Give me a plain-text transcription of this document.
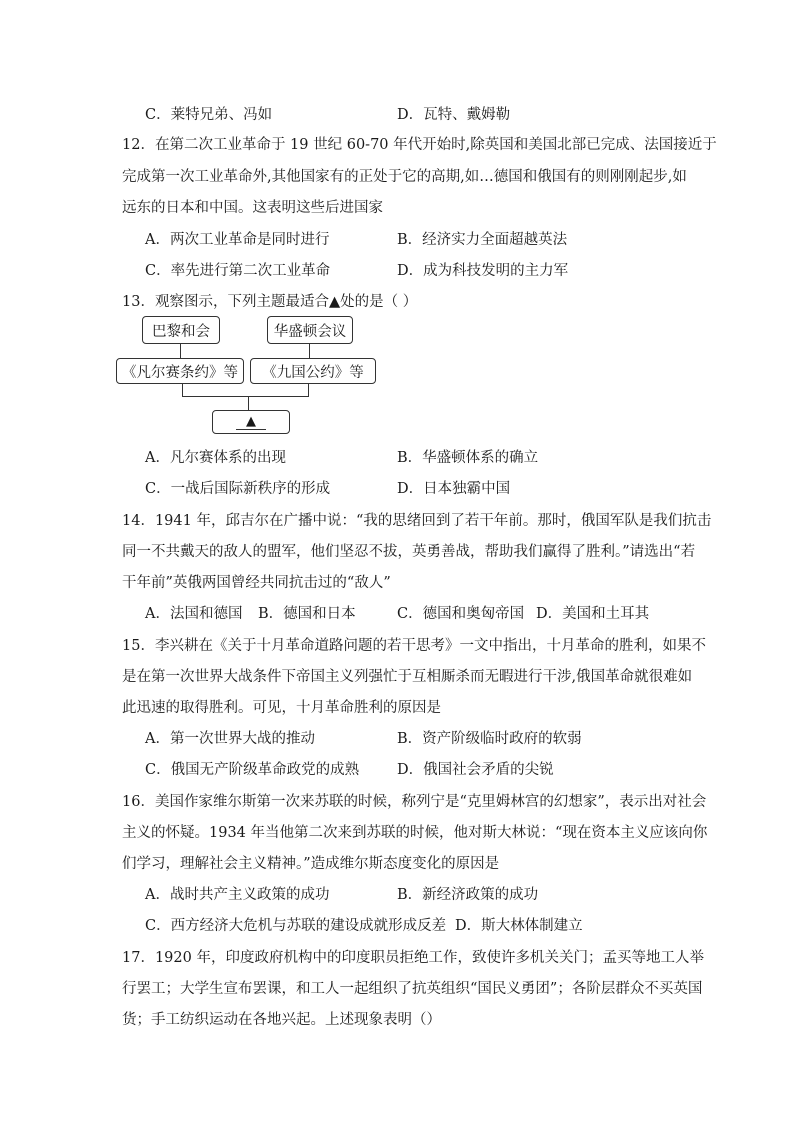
C．莱特兄弟、冯如	D．瓦特、戴姆勒
12．在第二次工业革命于 19 世纪 60-70 年代开始时,除英国和美国北部已完成、法国接近于
完成第一次工业革命外,其他国家有的正处于它的高期,如…德国和俄国有的则刚刚起步,如
远东的日本和中国。这表明这些后进国家
A．两次工业革命是同时进行	B．经济实力全面超越英法
C．率先进行第二次工业革命	D．成为科技发明的主力军
13．观察图示，下列主题最适合▲处的是（ ）
巴黎和会	华盛顿会议
《凡尔赛条约》等	《九国公约》等
▲
A．凡尔赛体系的出现	B．华盛顿体系的确立
C．一战后国际新秩序的形成	D．日本独霸中国
14．1941 年，邱吉尔在广播中说：“我的思绪回到了若干年前。那时，俄国军队是我们抗击
同一不共戴天的敌人的盟军，他们坚忍不拔，英勇善战，帮助我们赢得了胜利。”请选出“若
干年前”英俄两国曾经共同抗击过的“敌人”
A．法国和德国 B．德国和日本	C．德国和奥匈帝国 D．美国和土耳其
15．李兴耕在《关于十月革命道路问题的若干思考》一文中指出，十月革命的胜利，如果不
是在第一次世界大战条件下帝国主义列强忙于互相厮杀而无暇进行干涉,俄国革命就很难如
此迅速的取得胜利。可见，十月革命胜利的原因是
A．第一次世界大战的推动	B．资产阶级临时政府的软弱
C．俄国无产阶级革命政党的成熟	D．俄国社会矛盾的尖锐
16．美国作家维尔斯第一次来苏联的时候，称列宁是“克里姆林宫的幻想家”，表示出对社会
主义的怀疑。1934 年当他第二次来到苏联的时候，他对斯大林说：“现在资本主义应该向你
们学习，理解社会主义精神。”造成维尔斯态度变化的原因是
A．战时共产主义政策的成功	B．新经济政策的成功
C．西方经济大危机与苏联的建设成就形成反差 D．斯大林体制建立
17．1920 年，印度政府机构中的印度职员拒绝工作，致使许多机关关门；孟买等地工人举
行罢工；大学生宣布罢课，和工人一起组织了抗英组织“国民义勇团”；各阶层群众不买英国
货；手工纺织运动在各地兴起。上述现象表明（）
